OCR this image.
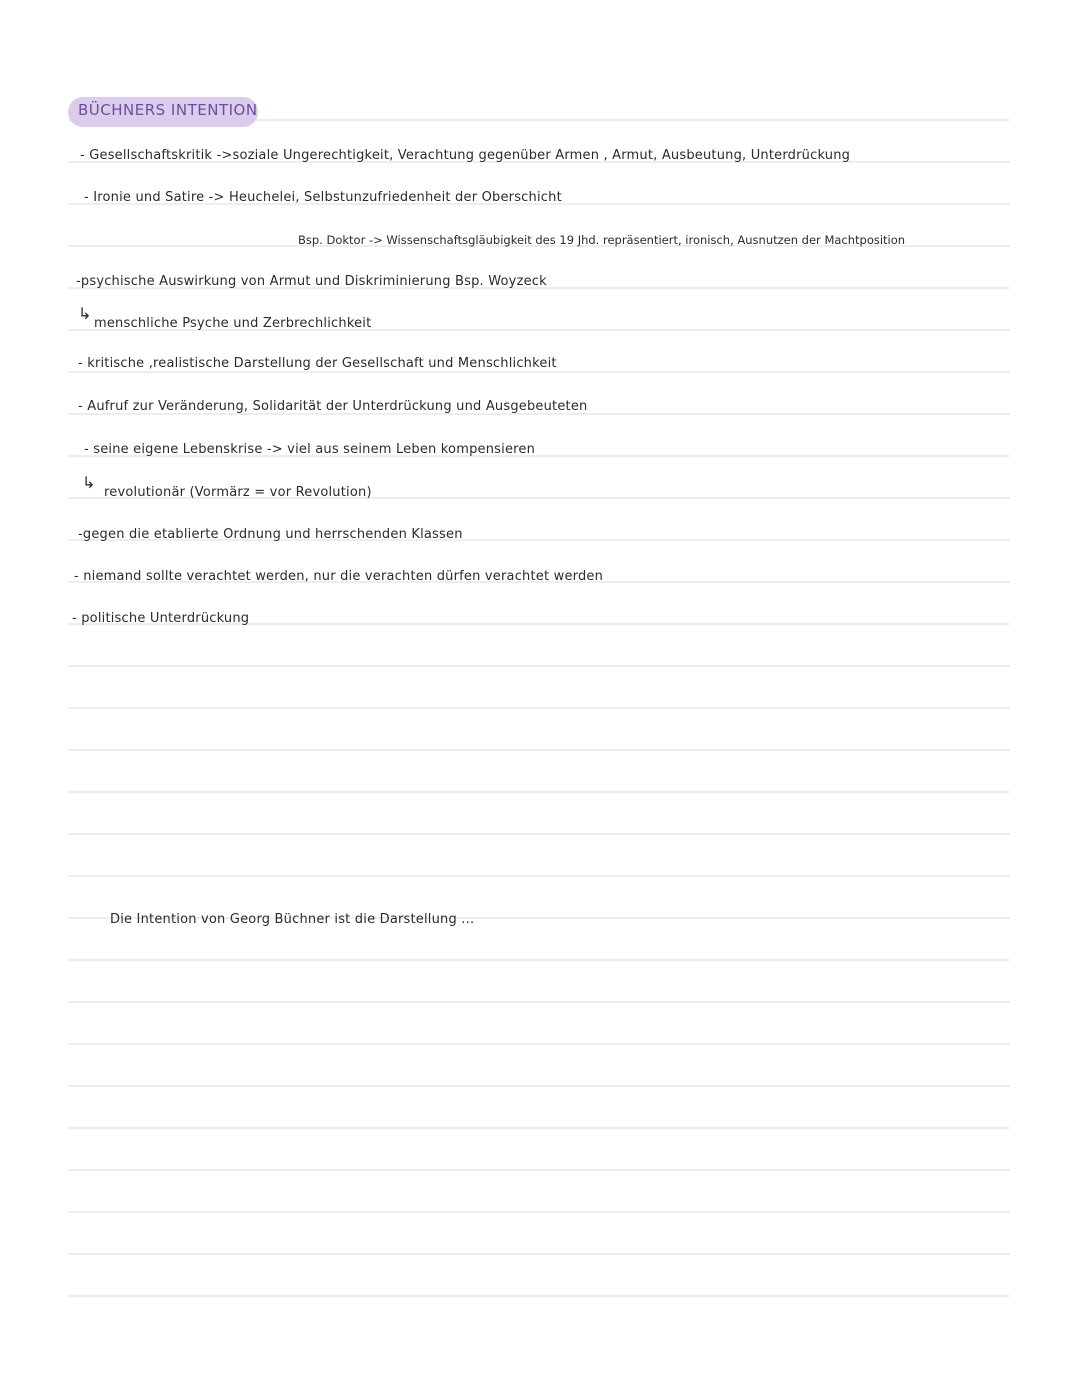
BÜCHNERS INTENTION
- Gesellschaftskritik ->soziale Ungerechtigkeit, Verachtung gegenüber Armen , Armut, Ausbeutung, Unterdrückung
- Ironie und Satire -> Heuchelei, Selbstunzufriedenheit der Oberschicht
Bsp. Doktor -> Wissenschaftsgläubigkeit des 19 Jhd. repräsentiert, ironisch, Ausnutzen der Machtposition
-psychische Auswirkung von Armut und Diskriminierung Bsp. Woyzeck
↳
menschliche Psyche und Zerbrechlichkeit
- kritische ,realistische Darstellung der Gesellschaft und Menschlichkeit
- Aufruf zur Veränderung, Solidarität der Unterdrückung und Ausgebeuteten
- seine eigene Lebenskrise -> viel aus seinem Leben kompensieren
↳
revolutionär (Vormärz = vor Revolution)
-gegen die etablierte Ordnung und herrschenden Klassen
- niemand sollte verachtet werden, nur die verachten dürfen verachtet werden
- politische Unterdrückung
Die Intention von Georg Büchner ist die Darstellung ...
